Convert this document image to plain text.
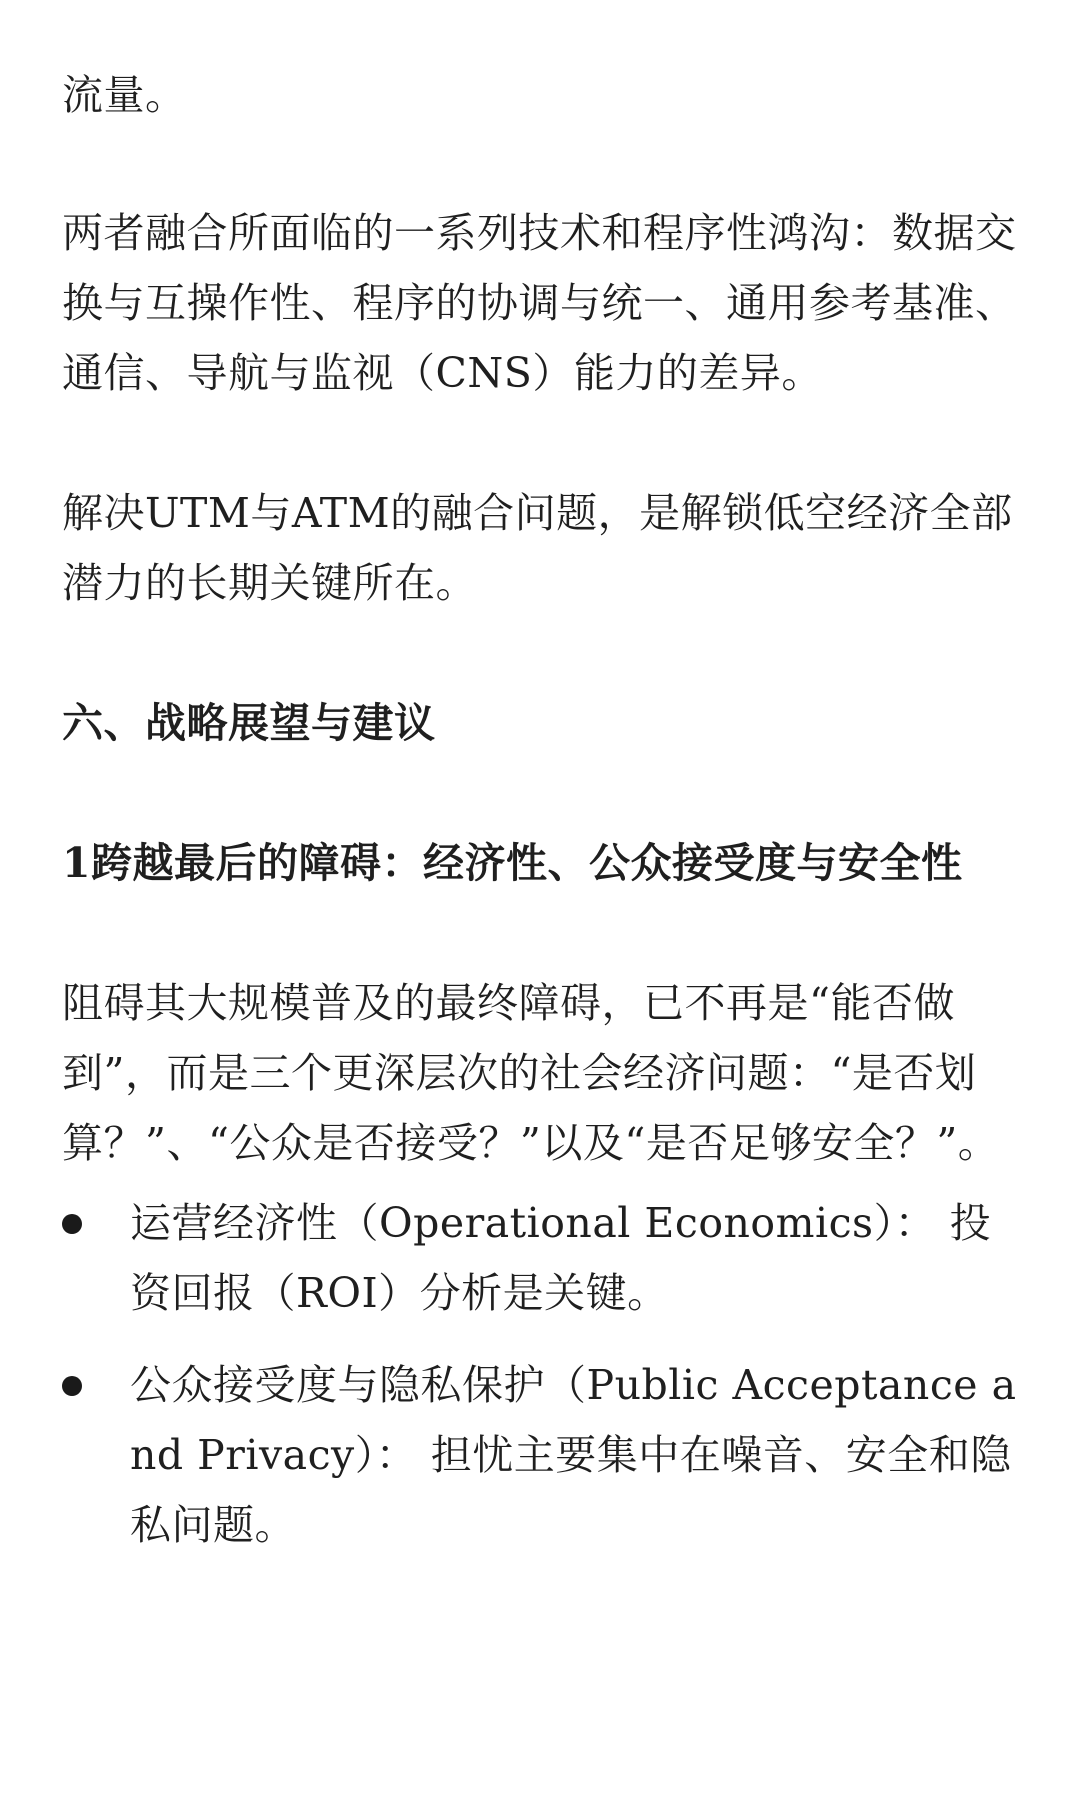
流量。

两者融合所面临的一系列技术和程序性鸿沟：数据交换与互操作性、程序的协调与统一、通用参考基准、通信、导航与监视（CNS）能力的差异。

解决UTM与ATM的融合问题，是解锁低空经济全部潜力的长期关键所在。

六、战略展望与建议
1跨越最后的障碍：经济性、公众接受度与安全性

阻碍其大规模普及的最终障碍，已不再是“能否做到”，而是三个更深层次的社会经济问题：“是否划算？”、“公众是否接受？”以及“是否足够安全？”。

运营经济性（Operational Economics）： 投资回报（ROI）分析是关键。
公众接受度与隐私保护（Public Acceptance and Privacy）： 担忧主要集中在噪音、安全和隐私问题。
